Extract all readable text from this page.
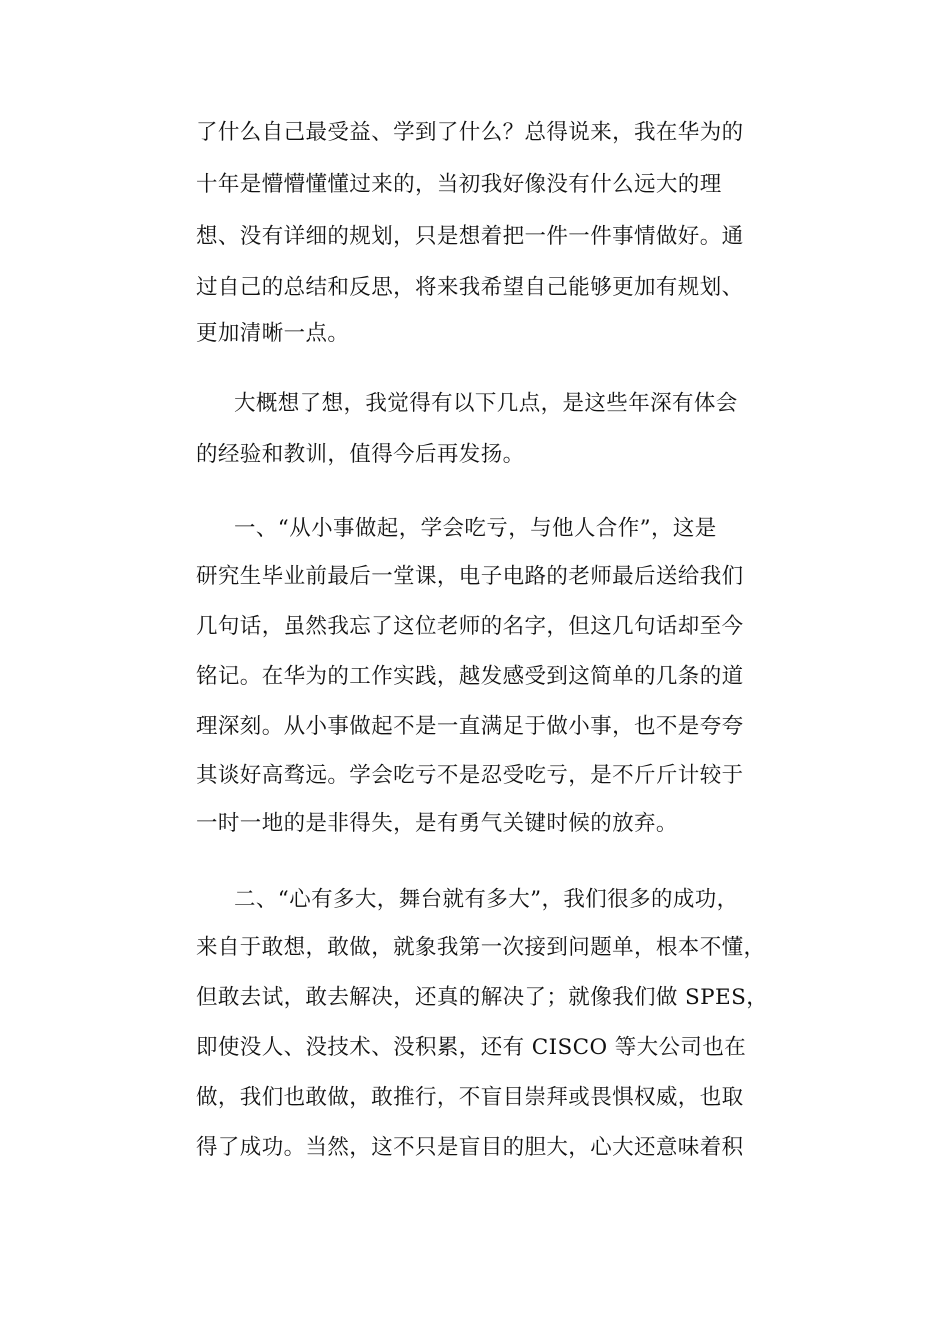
了什么自己最受益、学到了什么？总得说来，我在华为的
十年是懵懵懂懂过来的，当初我好像没有什么远大的理
想、没有详细的规划，只是想着把一件一件事情做好。通
过自己的总结和反思，将来我希望自己能够更加有规划、
更加清晰一点。
大概想了想，我觉得有以下几点，是这些年深有体会
的经验和教训，值得今后再发扬。
一、“从小事做起，学会吃亏，与他人合作”，这是
研究生毕业前最后一堂课，电子电路的老师最后送给我们
几句话，虽然我忘了这位老师的名字，但这几句话却至今
铭记。在华为的工作实践，越发感受到这简单的几条的道
理深刻。从小事做起不是一直满足于做小事，也不是夸夸
其谈好高骛远。学会吃亏不是忍受吃亏，是不斤斤计较于
一时一地的是非得失，是有勇气关键时候的放弃。
二、“心有多大，舞台就有多大”，我们很多的成功，
来自于敢想，敢做，就象我第一次接到问题单，根本不懂，
但敢去试，敢去解决，还真的解决了；就像我们做 SPES，
即使没人、没技术、没积累，还有 CISCO 等大公司也在
做，我们也敢做，敢推行，不盲目崇拜或畏惧权威，也取
得了成功。当然，这不只是盲目的胆大，心大还意味着积
